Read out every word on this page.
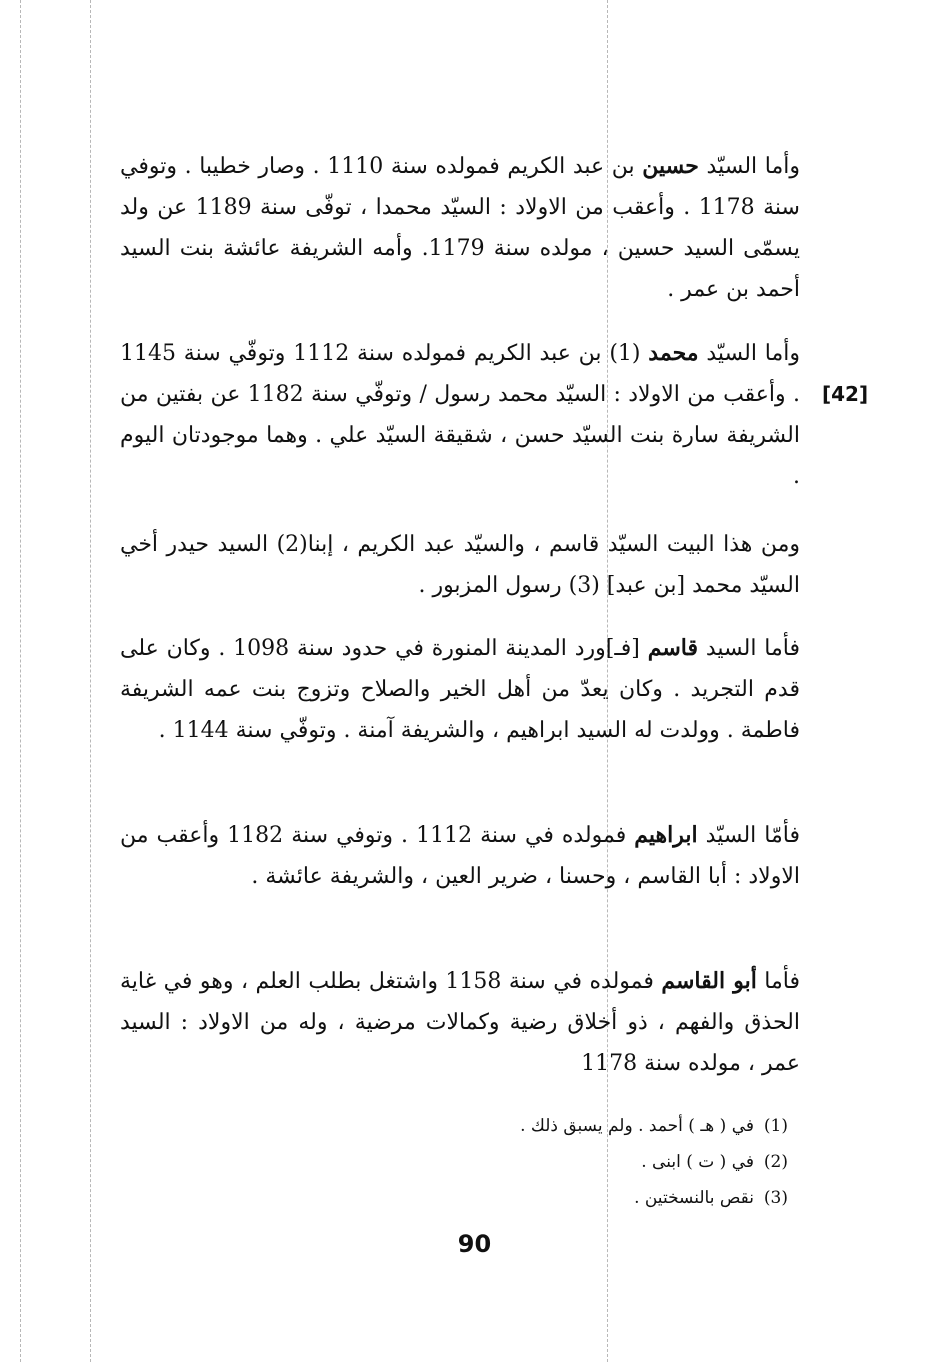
وأما السيّد حسين بن عبد الكريم فمولده سنة 1110 . وصار خطيبا . وتوفي سنة 1178 . وأعقب من الاولاد : السيّد محمدا ، توفّى سنة 1189 عن ولد يسمّى السيد حسين ، مولده سنة 1179. وأمه الشريفة عائشة بنت السيد أحمد بن عمر .

وأما السيّد محمد (1) بن عبد الكريم فمولده سنة 1112 وتوفّي سنة 1145 . وأعقب من الاولاد : السيّد محمد رسول / وتوفّي سنة 1182 عن بفتين من الشريفة سارة بنت السيّد حسن ، شقيقة السيّد علي . وهما موجودتان اليوم .

[42]

ومن هذا البيت السيّد قاسم ، والسيّد عبد الكريم ، إبنا(2) السيد حيدر أخي السيّد محمد [بن عبد] (3) رسول المزبور .

فأما السيد قاسم [فـ]ورد المدينة المنورة في حدود سنة 1098 . وكان على قدم التجريد . وكان يعدّ من أهل الخير والصلاح وتزوج بنت عمه الشريفة فاطمة . وولدت له السيد ابراهيم ، والشريفة آمنة . وتوفّي سنة 1144 .

فأمّا السيّد ابراهيم فمولده في سنة 1112 . وتوفي سنة 1182 وأعقب من الاولاد : أبا القاسم ، وحسنا ، ضرير العين ، والشريفة عائشة .

فأما أبو القاسم فمولده في سنة 1158 واشتغل بطلب العلم ، وهو في غاية الحذق والفهم ، ذو أخلاق رضية وكمالات مرضية ، وله من الاولاد : السيد عمر ، مولده سنة 1178

(1)في ( هـ ) أحمد . ولم يسبق ذلك .
(2)في ( ت ) ابنى .
(3)نقص بالنسختين .
90
